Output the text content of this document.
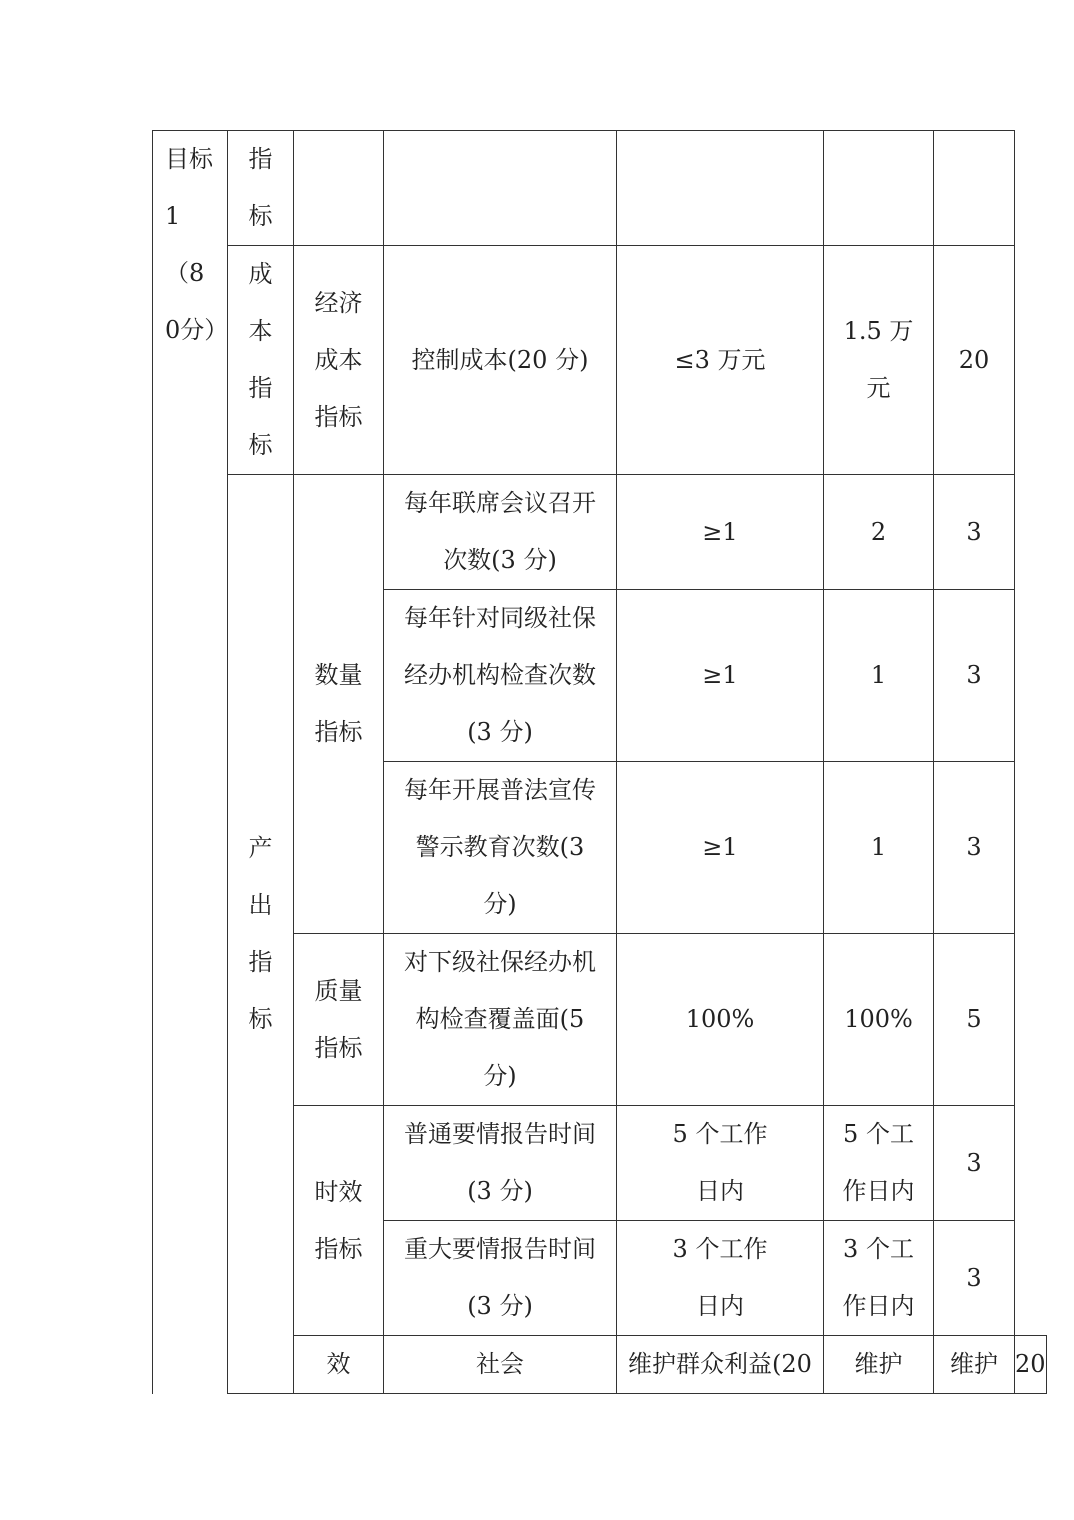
目标1（80分）	指标						
	成本指标	经济成本指标	控制成本(20 分)	≤3 万元	1.5 万元	20	
	产出指标	数量指标	每年联席会议召开次数(3 分)	≥1	2	3	
			每年针对同级社保经办机构检查次数(3 分)	≥1	1	3	
			每年开展普法宣传警示教育次数(3 分)	≥1	1	3	
		质量指标	对下级社保经办机构检查覆盖面(5 分)	100%	100%	5	
		时效指标	普通要情报告时间(3 分)	5 个工作日内	5 个工作日内	3	
			重大要情报告时间(3 分)	3 个工作日内	3 个工作日内	3	
		效	社会	维护群众利益(20	维护	维护	20
